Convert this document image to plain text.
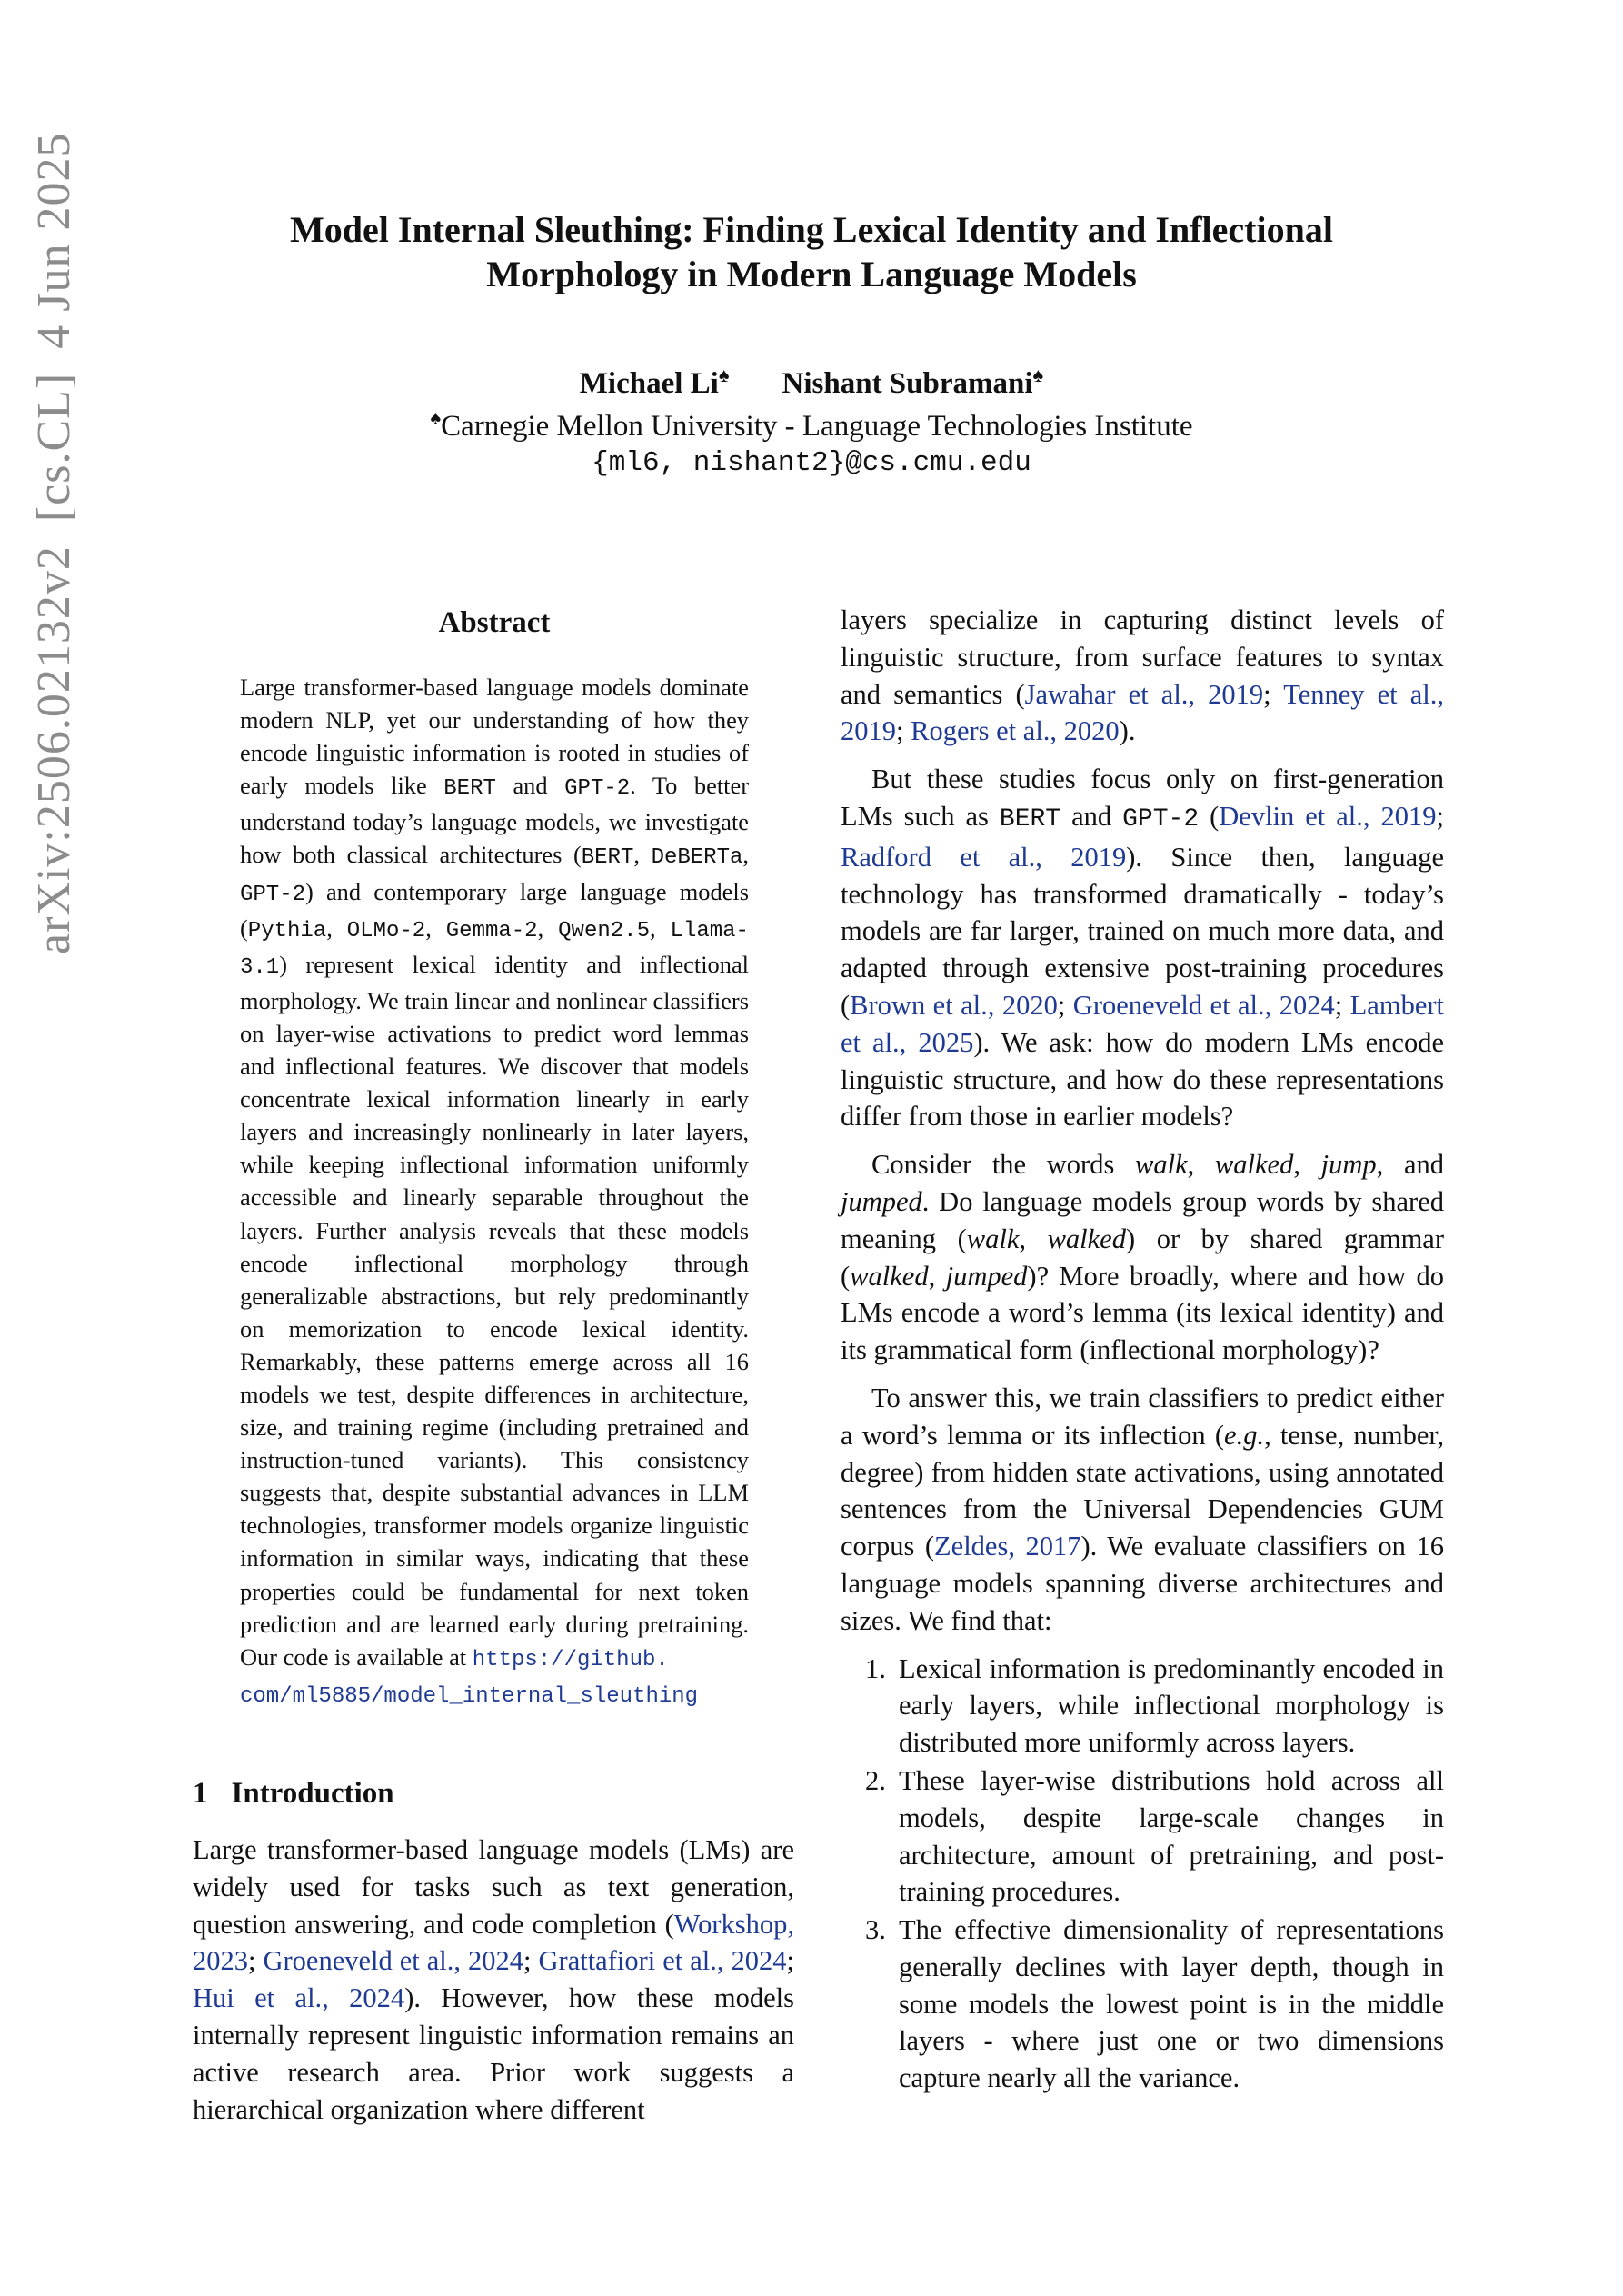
arXiv:2506.02132v2[cs.CL]4 Jun 2025	Model Internal Sleuthing: Finding Lexical Identity and Inflectional
Morphology in Modern Language Models
Michael Li♠ Nishant Subramani♠
♠Carnegie Mellon University - Language Technologies Institute
{ml6, nishant2}@cs.cmu.edu
Abstract

Large transformer-based language models dominate modern NLP, yet our understanding of how they encode linguistic information is rooted in studies of early models like BERT and GPT-2. To better understand today’s language models, we investigate how both classical architectures (BERT, DeBERTa, GPT-2) and contemporary large language models (Pythia, OLMo-2, Gemma-2, Qwen2.5, Llama-3.1) represent lexical identity and inflectional morphology. We train linear and nonlinear classifiers on layer-wise activations to predict word lemmas and inflectional features. We discover that models concentrate lexical information linearly in early layers and increasingly nonlinearly in later layers, while keeping inflectional information uniformly accessible and linearly separable throughout the layers. Further analysis reveals that these models encode inflectional morphology through generalizable abstractions, but rely predominantly on memorization to encode lexical identity. Remarkably, these patterns emerge across all 16 models we test, despite differences in architecture, size, and training regime (including pretrained and instruction-tuned variants). This consistency suggests that, despite substantial advances in LLM technologies, transformer models organize linguistic information in similar ways, indicating that these properties could be fundamental for next token prediction and are learned early during pretraining. Our code is available at https://github.
com/ml5885/model_internal_sleuthing

1 Introduction

Large transformer-based language models (LMs) are widely used for tasks such as text generation, question answering, and code completion (Workshop, 2023; Groeneveld et al., 2024; Grattafiori et al., 2024; Hui et al., 2024). However, how these models internally represent linguistic information remains an active research area. Prior work suggests a hierarchical organization where different

layers specialize in capturing distinct levels of linguistic structure, from surface features to syntax and semantics (Jawahar et al., 2019; Tenney et al., 2019; Rogers et al., 2020).

But these studies focus only on first-generation LMs such as BERT and GPT-2 (Devlin et al., 2019; Radford et al., 2019). Since then, language technology has transformed dramatically - today’s models are far larger, trained on much more data, and adapted through extensive post-training procedures (Brown et al., 2020; Groeneveld et al., 2024; Lambert et al., 2025). We ask: how do modern LMs encode linguistic structure, and how do these representations differ from those in earlier models?

Consider the words walk, walked, jump, and jumped. Do language models group words by shared meaning (walk, walked) or by shared grammar (walked, jumped)? More broadly, where and how do LMs encode a word’s lemma (its lexical identity) and its grammatical form (inflectional morphology)?

To answer this, we train classifiers to predict either a word’s lemma or its inflection (e.g., tense, number, degree) from hidden state activations, using annotated sentences from the Universal Dependencies GUM corpus (Zeldes, 2017). We evaluate classifiers on 16 language models spanning diverse architectures and sizes. We find that:

1. Lexical information is predominantly encoded in early layers, while inflectional morphology is distributed more uniformly across layers.
2. These layer-wise distributions hold across all models, despite large-scale changes in architecture, amount of pretraining, and post-training procedures.
3. The effective dimensionality of representations generally declines with layer depth, though in some models the lowest point is in the middle layers - where just one or two dimensions capture nearly all the variance.
